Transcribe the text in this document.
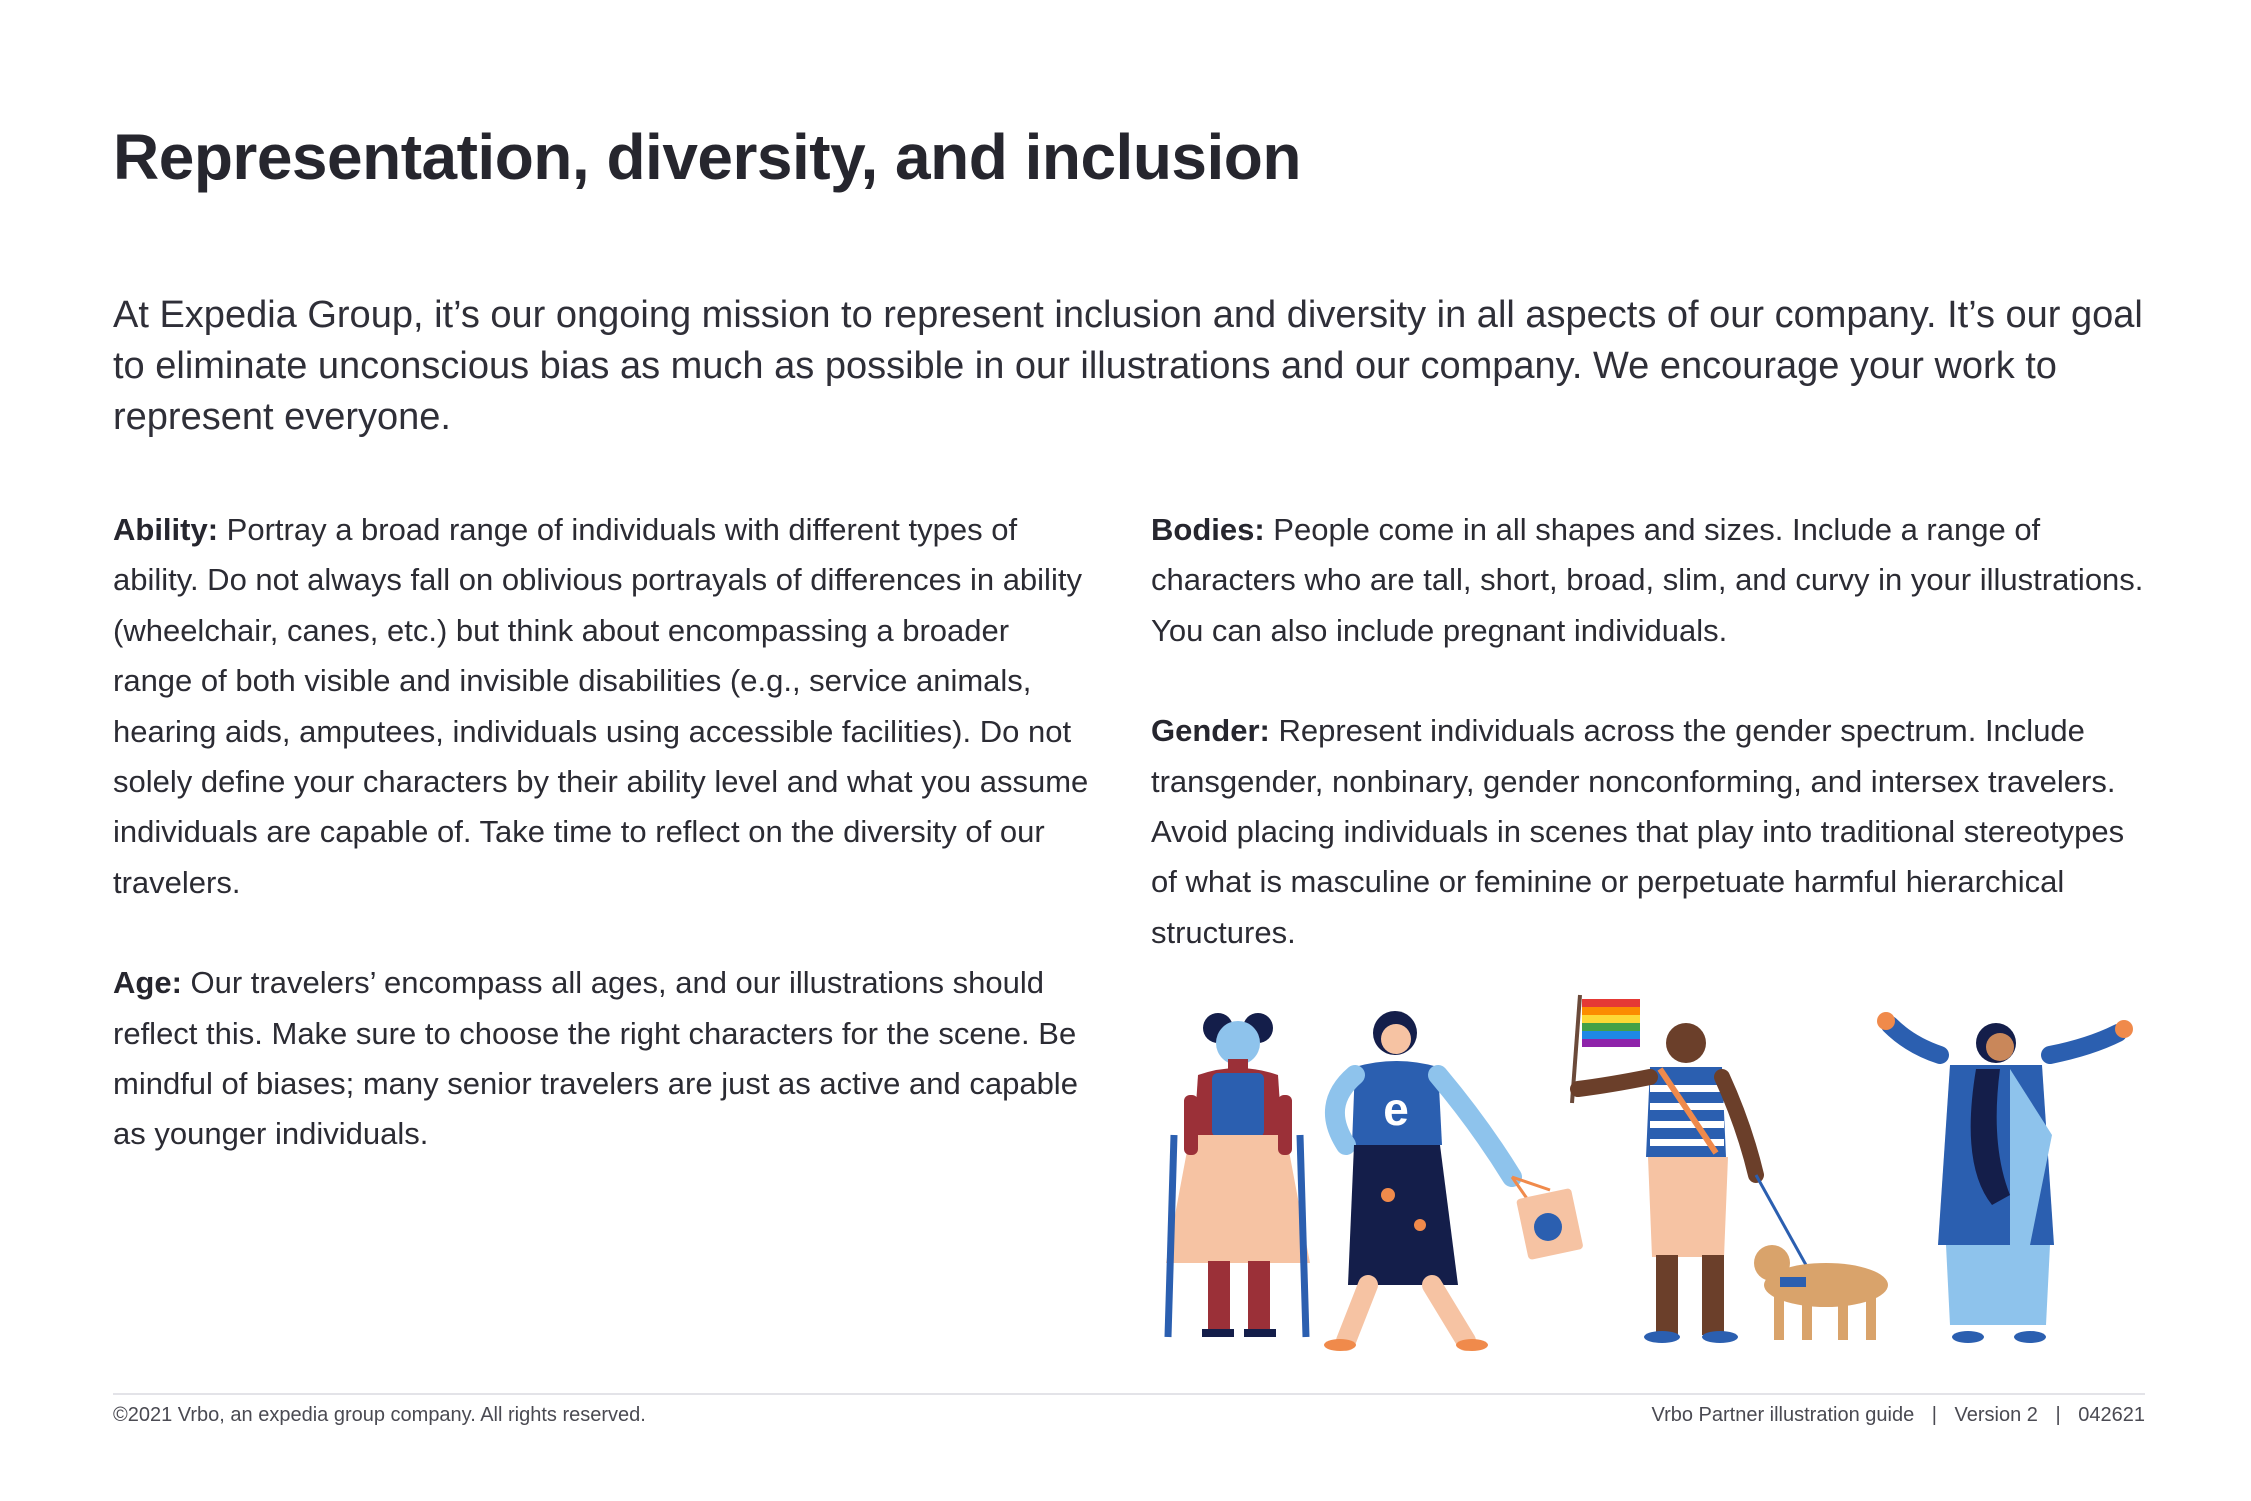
Representation, diversity, and inclusion

At Expedia Group, it’s our ongoing mission to represent inclusion and diversity in all aspects of our company. It’s our goal to eliminate unconscious bias as much as possible in our illustrations and our company. We encourage your work to represent everyone.

Ability: Portray a broad range of individuals with different types of ability. Do not always fall on oblivious portrayals of differences in ability (wheelchair, canes, etc.) but think about encompassing a broader range of both visible and invisible disabilities (e.g., service animals, hearing aids, amputees, individuals using accessible facilities). Do not solely define your characters by their ability level and what you assume individuals are capable of. Take time to reflect on the diversity of our travelers.

Age: Our travelers’ encompass all ages, and our illustrations should reflect this. Make sure to choose the right characters for the scene. Be mindful of biases; many senior travelers are just as active and capable as younger individuals.

Bodies: People come in all shapes and sizes. Include a range of characters who are tall, short, broad, slim, and curvy in your illustrations. You can also include pregnant individuals.

Gender: Represent individuals across the gender spectrum. Include transgender, nonbinary, gender nonconforming, and intersex travelers. Avoid placing individuals in scenes that play into traditional stereotypes of what is masculine or feminine or perpetuate harmful hierarchical structures.

e
©2021 Vrbo, an expedia group company. All rights reserved.	Vrbo Partner illustration guide | Version 2 | 042621
